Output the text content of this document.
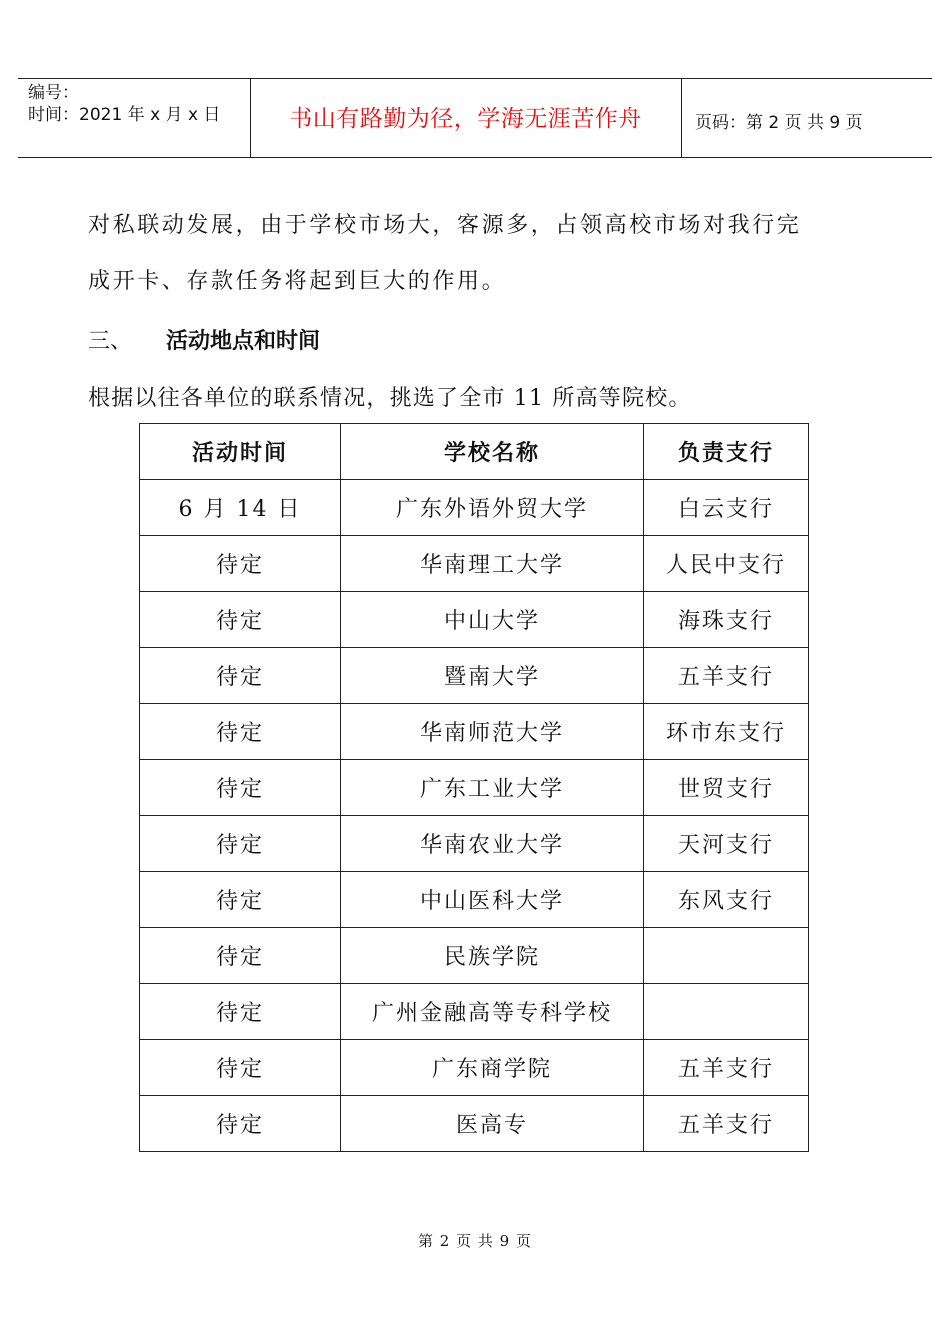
编号：
时间：2021 年 x 月 x 日	书山有路勤为径，学海无涯苦作舟	页码：第 2 页 共 9 页
对私联动发展，由于学校市场大，客源多，占领高校市场对我行完
成开卡、存款任务将起到巨大的作用。
三、 活动地点和时间
根据以往各单位的联系情况，挑选了全市 11 所高等院校。
活动时间	学校名称	负责支行
6 月 14 日	广东外语外贸大学	白云支行
待定	华南理工大学	人民中支行
待定	中山大学	海珠支行
待定	暨南大学	五羊支行
待定	华南师范大学	环市东支行
待定	广东工业大学	世贸支行
待定	华南农业大学	天河支行
待定	中山医科大学	东风支行
待定	民族学院	
待定	广州金融高等专科学校	
待定	广东商学院	五羊支行
待定	医高专	五羊支行
第 2 页 共 9 页
